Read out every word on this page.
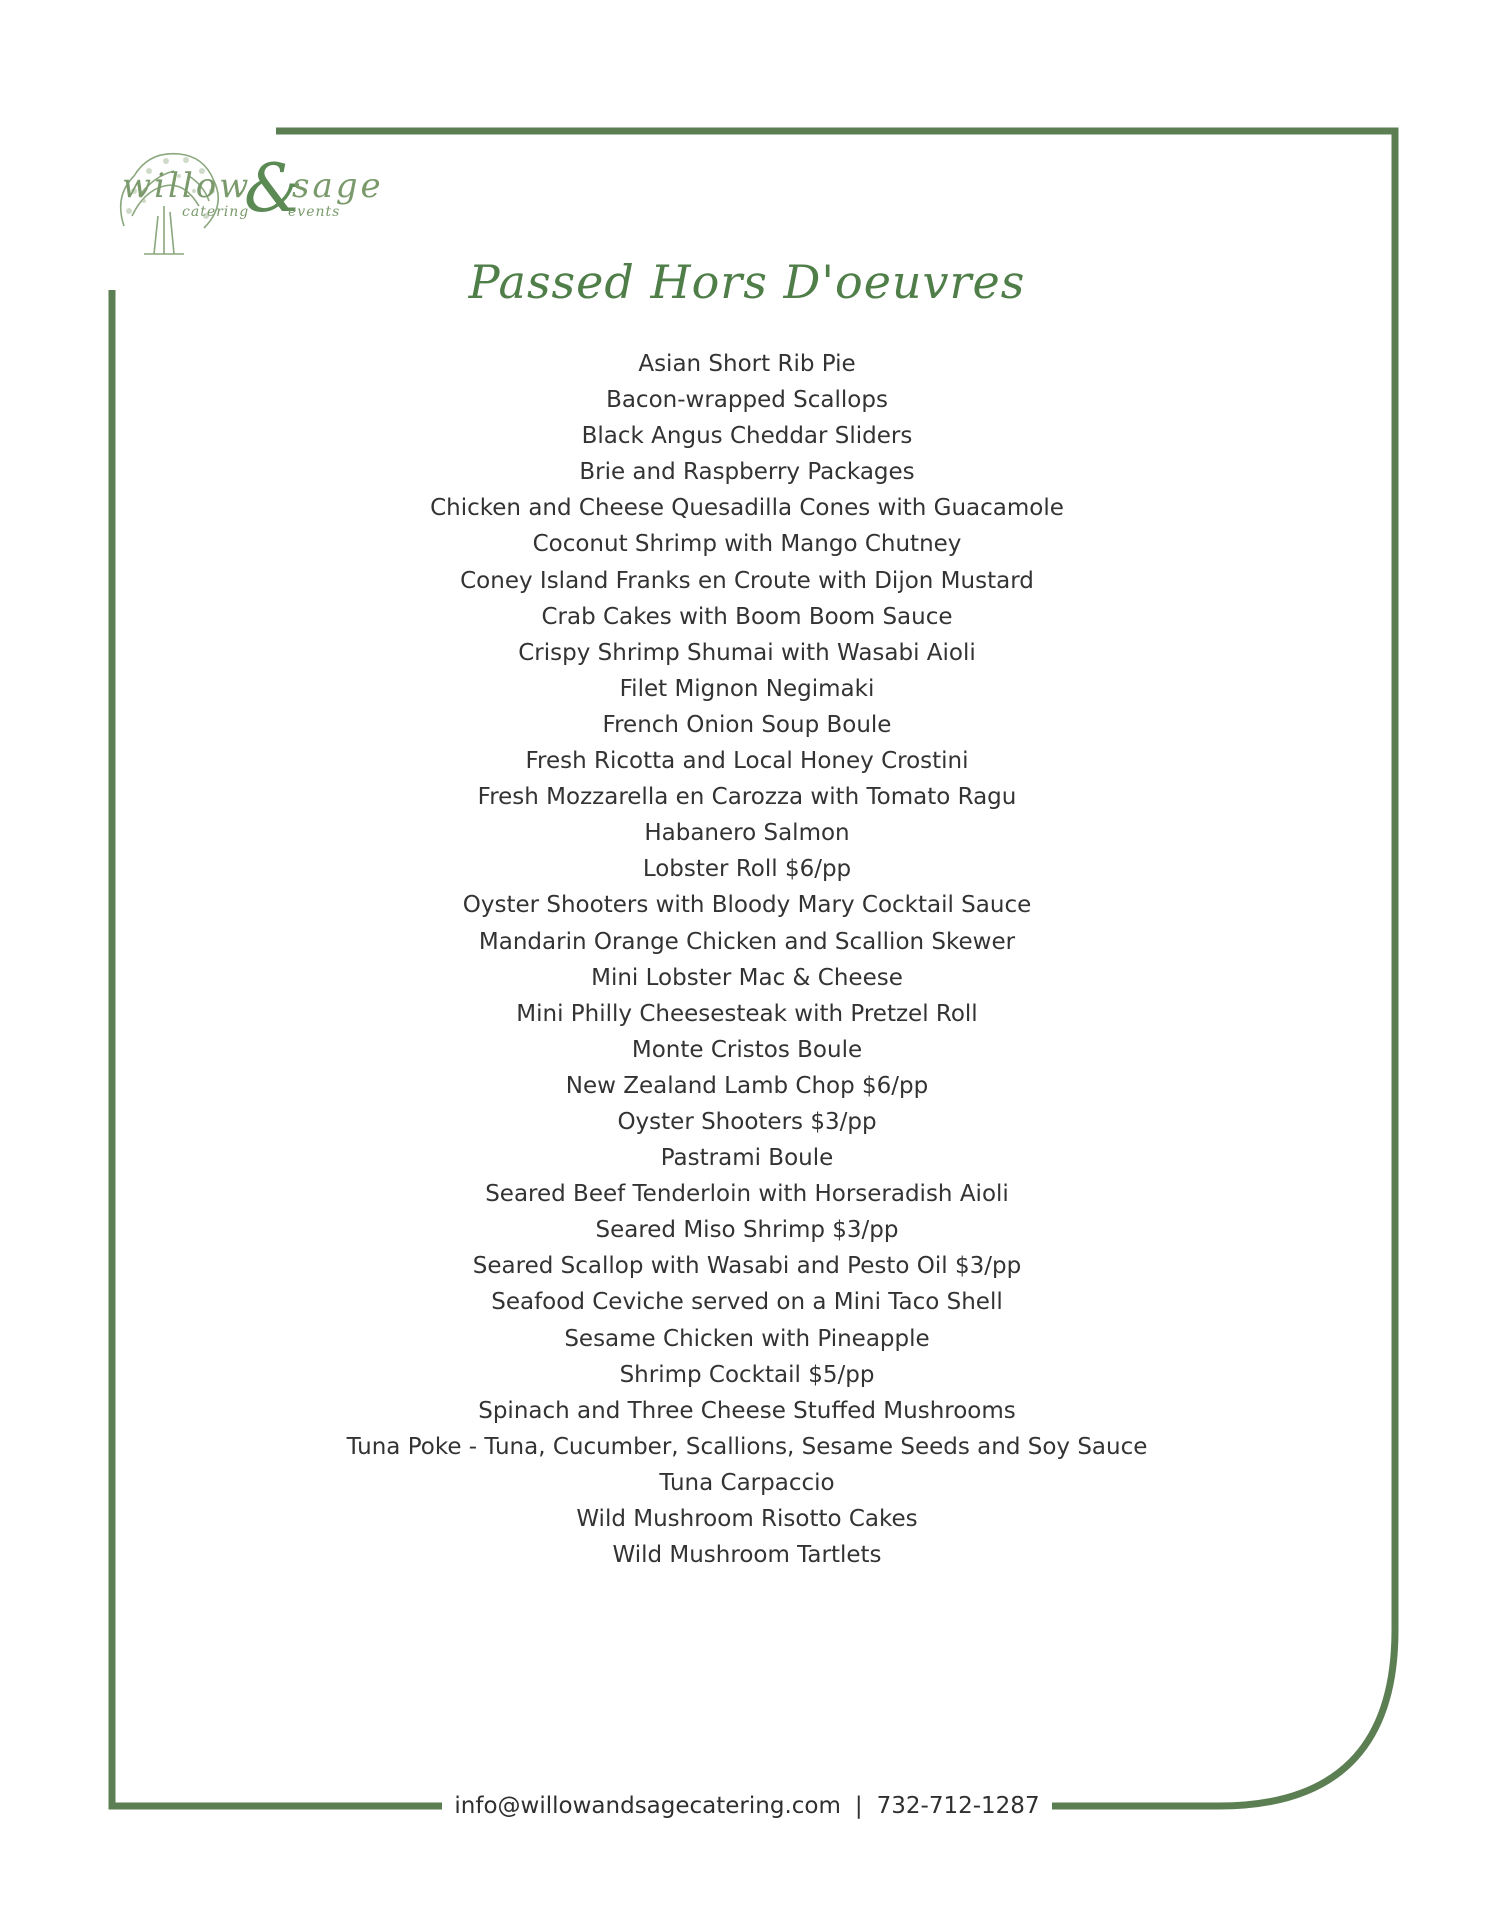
willow
&
sage
catering	events
Passed Hors D'oeuvres
Asian Short Rib Pie
Bacon-wrapped Scallops
Black Angus Cheddar Sliders
Brie and Raspberry Packages
Chicken and Cheese Quesadilla Cones with Guacamole
Coconut Shrimp with Mango Chutney
Coney Island Franks en Croute with Dijon Mustard
Crab Cakes with Boom Boom Sauce
Crispy Shrimp Shumai with Wasabi Aioli
Filet Mignon Negimaki
French Onion Soup Boule
Fresh Ricotta and Local Honey Crostini
Fresh Mozzarella en Carozza with Tomato Ragu
Habanero Salmon
Lobster Roll $6/pp
Oyster Shooters with Bloody Mary Cocktail Sauce
Mandarin Orange Chicken and Scallion Skewer
Mini Lobster Mac & Cheese
Mini Philly Cheesesteak with Pretzel Roll
Monte Cristos Boule
New Zealand Lamb Chop $6/pp
Oyster Shooters $3/pp
Pastrami Boule
Seared Beef Tenderloin with Horseradish Aioli
Seared Miso Shrimp $3/pp
Seared Scallop with Wasabi and Pesto Oil $3/pp
Seafood Ceviche served on a Mini Taco Shell
Sesame Chicken with Pineapple
Shrimp Cocktail $5/pp
Spinach and Three Cheese Stuffed Mushrooms
Tuna Poke - Tuna, Cucumber, Scallions, Sesame Seeds and Soy Sauce
Tuna Carpaccio
Wild Mushroom Risotto Cakes
Wild Mushroom Tartlets
info@willowandsagecatering.com | 732-712-1287
